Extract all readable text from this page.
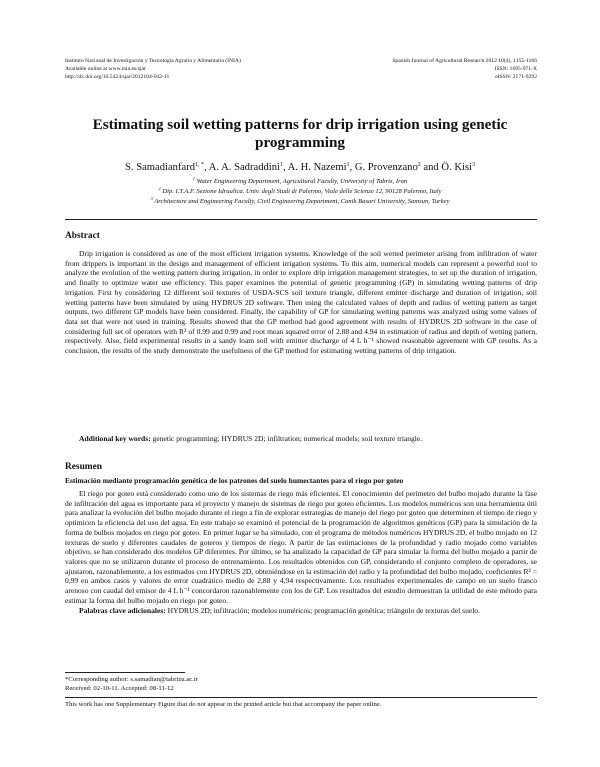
Instituto Nacional de Investigación y Tecnología Agraria y Alimentaria (INIA)
Available online at www.inia.es/sjar
http://dx.doi.org/10.5424/sjar/2012104-502-11
Spanish Journal of Agricultural Research 2012 10(4), 1155-1166
ISSN: 1695-971-X
eISSN: 2171-9292
Estimating soil wetting patterns for drip irrigation using genetic programming
S. Samadianfard$^{1, *}$, A. A. Sadraddini$^1$, A. H. Nazemi$^1$, G. Provenzano$^2$ and Ö. Kisi$^3$
$^1$ Water Engineering Department, Agricultural Faculty, University of Tabriz, Iran
$^2$ Dip. I.T.A.F. Sezione Idraulica. Univ. degli Studi di Palermo, Viale delle Scienze 12, 90128 Palermo, Italy
$^3$ Architecture and Engineering Faculty, Civil Engineering Department, Canik Basari University, Samsun, Turkey
Abstract
Drip irrigation is considered as one of the most efficient irrigation systems. Knowledge of the soil wetted perimeter arising from infiltration of water from drippers is important in the design and management of efficient irrigation systems. To this aim, numerical models can represent a powerful tool to analyze the evolution of the wetting pattern during irrigation, in order to explore drip irrigation management strategies, to set up the duration of irrigation, and finally to optimize water use efficiency. This paper examines the potential of genetic programming (GP) in simulating wetting patterns of drip irrigation. First by considering 12 different soil textures of USDA-SCS soil texture triangle, different emitter discharge and duration of irrigation, soil wetting patterns have been simulated by using HYDRUS 2D software. Then using the calculated values of depth and radius of wetting pattern as target outputs, two different GP models have been considered. Finally, the capability of GP for simulating wetting patterns was analyzed using some values of data set that were not used in training. Results showed that the GP method had good agreement with results of HYDRUS 2D software in the case of considering full set of operators with R² of 0.99 and 0.99 and root mean squared error of 2.88 and 4.94 in estimation of radius and depth of wetting pattern, respectively. Also, field experimental results in a sandy loam soil with emitter discharge of 4 L h⁻¹ showed reasonable agreement with GP results. As a conclusion, the results of the study demonstrate the usefulness of the GP method for estimating wetting patterns of drip irrigation.
Additional key words: genetic programming; HYDRUS 2D; infiltration; numerical models; soil texture triangle.
Resumen
Estimación mediante programación genética de los patrones del suelo humectantes para el riego por goteo
El riego por goteo está considerado como uno de los sistemas de riego más eficientes. El conocimiento del perímetro del bulbo mojado durante la fase de infiltración del agua es importante para el proyecto y manejo de sistemas de riego por goteo eficientes. Los modelos numéricos son una herramienta útil para analizar la evolución del bulbo mojado durante el riego a fin de explorar estrategias de manejo del riego por goteo que determinen el tiempo de riego y optimicen la eficiencia del uso del agua. En este trabajo se examinó el potencial de la programación de algoritmos genéticos (GP) para la simulación de la forma de bulbos mojados en riego por goteo. En primer lugar se ha simulado, con el programa de métodos numéricos HYDRUS 2D, el bulbo mojado en 12 texturas de suelo y diferentes caudales de goteros y tiempos de riego. A partir de las estimaciones de la profundidad y radio mojado como variables objetivo, se han considerado dos modelos GP diferentes. Por último, se ha analizado la capacidad de GP para simular la forma del bulbo mojado a partir de valores que no se utilizaron durante el proceso de entrenamiento. Los resultados obtenidos con GP, considerando el conjunto completo de operadores, se ajustaron, razonablemente, a los estimados con HYDRUS 2D, obteniéndose en la estimación del radio y la profundidad del bulbo mojado, coeficientes R² = 0,99 en ambos casos y valores de error cuadrático medio de 2,88 y 4,94 respectivamente. Los resultados experimentales de campo en un suelo franco arenoso con caudal del emisor de 4 L h⁻¹ concordaron razonablemente con los de GP. Los resultados del estudio demuestran la utilidad de este método para estimar la forma del bulbo mojado en riego por goteo.
Palabras clave adicionales: HYDRUS 2D; infiltración; modelos numéricos; programación genética; triángulo de texturas del suelo.
*Corresponding author: s.samadian@tabrizu.ac.ir
Received: 02-10-11. Accepted: 08-11-12
This work has one Supplementary Figure that do not appear in the printed article but that accompany the paper online.
